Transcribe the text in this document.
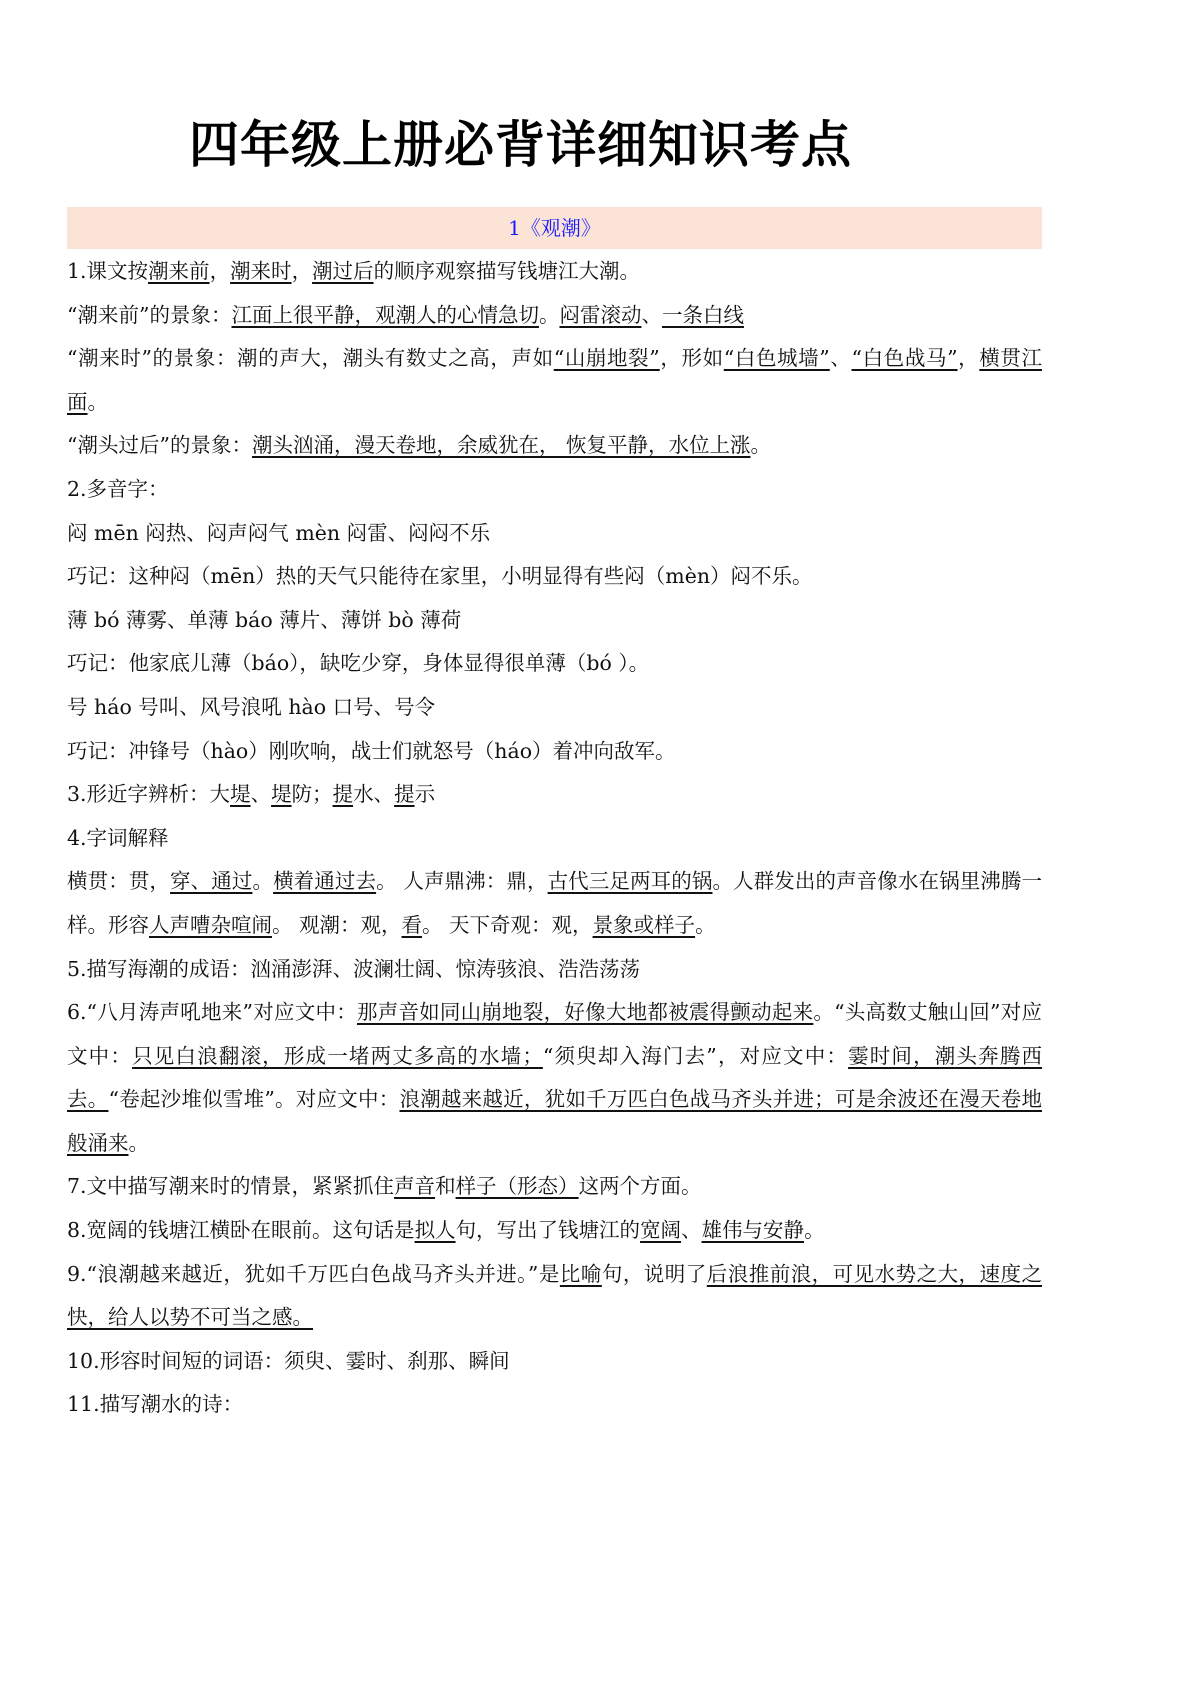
四年级上册必背详细知识考点
1《观潮》

1.课文按潮来前，潮来时，潮过后的顺序观察描写钱塘江大潮。

“潮来前”的景象：江面上很平静，观潮人的心情急切。闷雷滚动、一条白线

“潮来时”的景象：潮的声大，潮头有数丈之高，声如“山崩地裂”，形如“白色城墙”、“白色战马”，横贯江面。

“潮头过后”的景象：潮头汹涌，漫天卷地，余威犹在， 恢复平静，水位上涨。

2.多音字：

闷 mēn 闷热、闷声闷气 mèn 闷雷、闷闷不乐

巧记：这种闷（mēn）热的天气只能待在家里，小明显得有些闷（mèn）闷不乐。

薄 bó 薄雾、单薄 báo 薄片、薄饼 bò 薄荷

巧记：他家底儿薄（báo），缺吃少穿，身体显得很单薄（bó ）。

号 háo 号叫、风号浪吼 hào 口号、号令

巧记：冲锋号（hào）刚吹响，战士们就怒号（háo）着冲向敌军。

3.形近字辨析：大堤、堤防；提水、提示

4.字词解释

横贯：贯，穿、通过。横着通过去。 人声鼎沸：鼎，古代三足两耳的锅。人群发出的声音像水在锅里沸腾一样。形容人声嘈杂喧闹。 观潮：观，看。 天下奇观：观，景象或样子。

5.描写海潮的成语：汹涌澎湃、波澜壮阔、惊涛骇浪、浩浩荡荡

6.“八月涛声吼地来”对应文中：那声音如同山崩地裂，好像大地都被震得颤动起来。“头高数丈触山回”对应文中：只见白浪翻滚，形成一堵两丈多高的水墙；“须臾却入海门去”，对应文中：霎时间，潮头奔腾西去。“卷起沙堆似雪堆”。对应文中：浪潮越来越近，犹如千万匹白色战马齐头并进；可是余波还在漫天卷地般涌来。

7.文中描写潮来时的情景，紧紧抓住声音和样子（形态）这两个方面。

8.宽阔的钱塘江横卧在眼前。这句话是拟人句，写出了钱塘江的宽阔、雄伟与安静。

9.“浪潮越来越近，犹如千万匹白色战马齐头并进。”是比喻句，说明了后浪推前浪，可见水势之大，速度之快，给人以势不可当之感。

10.形容时间短的词语：须臾、霎时、刹那、瞬间

11.描写潮水的诗：
